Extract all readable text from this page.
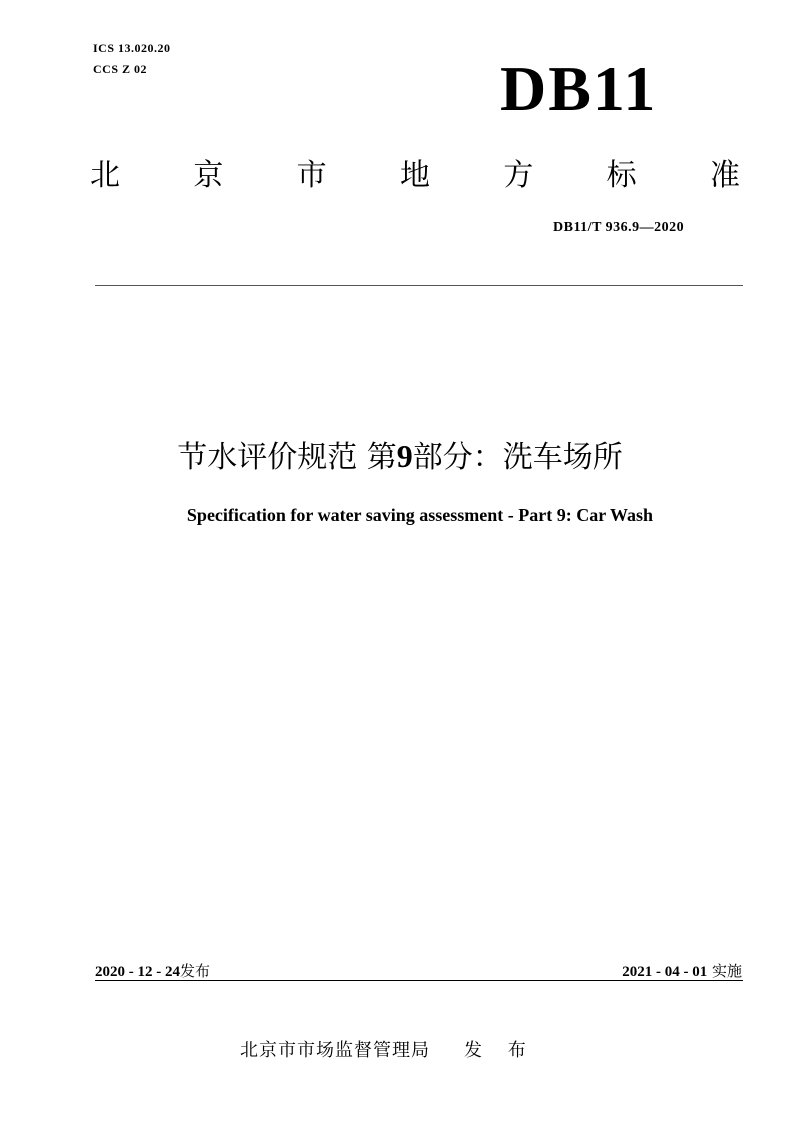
ICS 13.020.20
CCS Z 02	DB11
北 京 市 地 方 标 准
DB11/T 936.9—2020
节水评价规范 第9部分：洗车场所
Specification for water saving assessment - Part 9: Car Wash
2020 - 12 - 24发布	2021 - 04 - 01 实施
北京市市场监督管理局 发 布
